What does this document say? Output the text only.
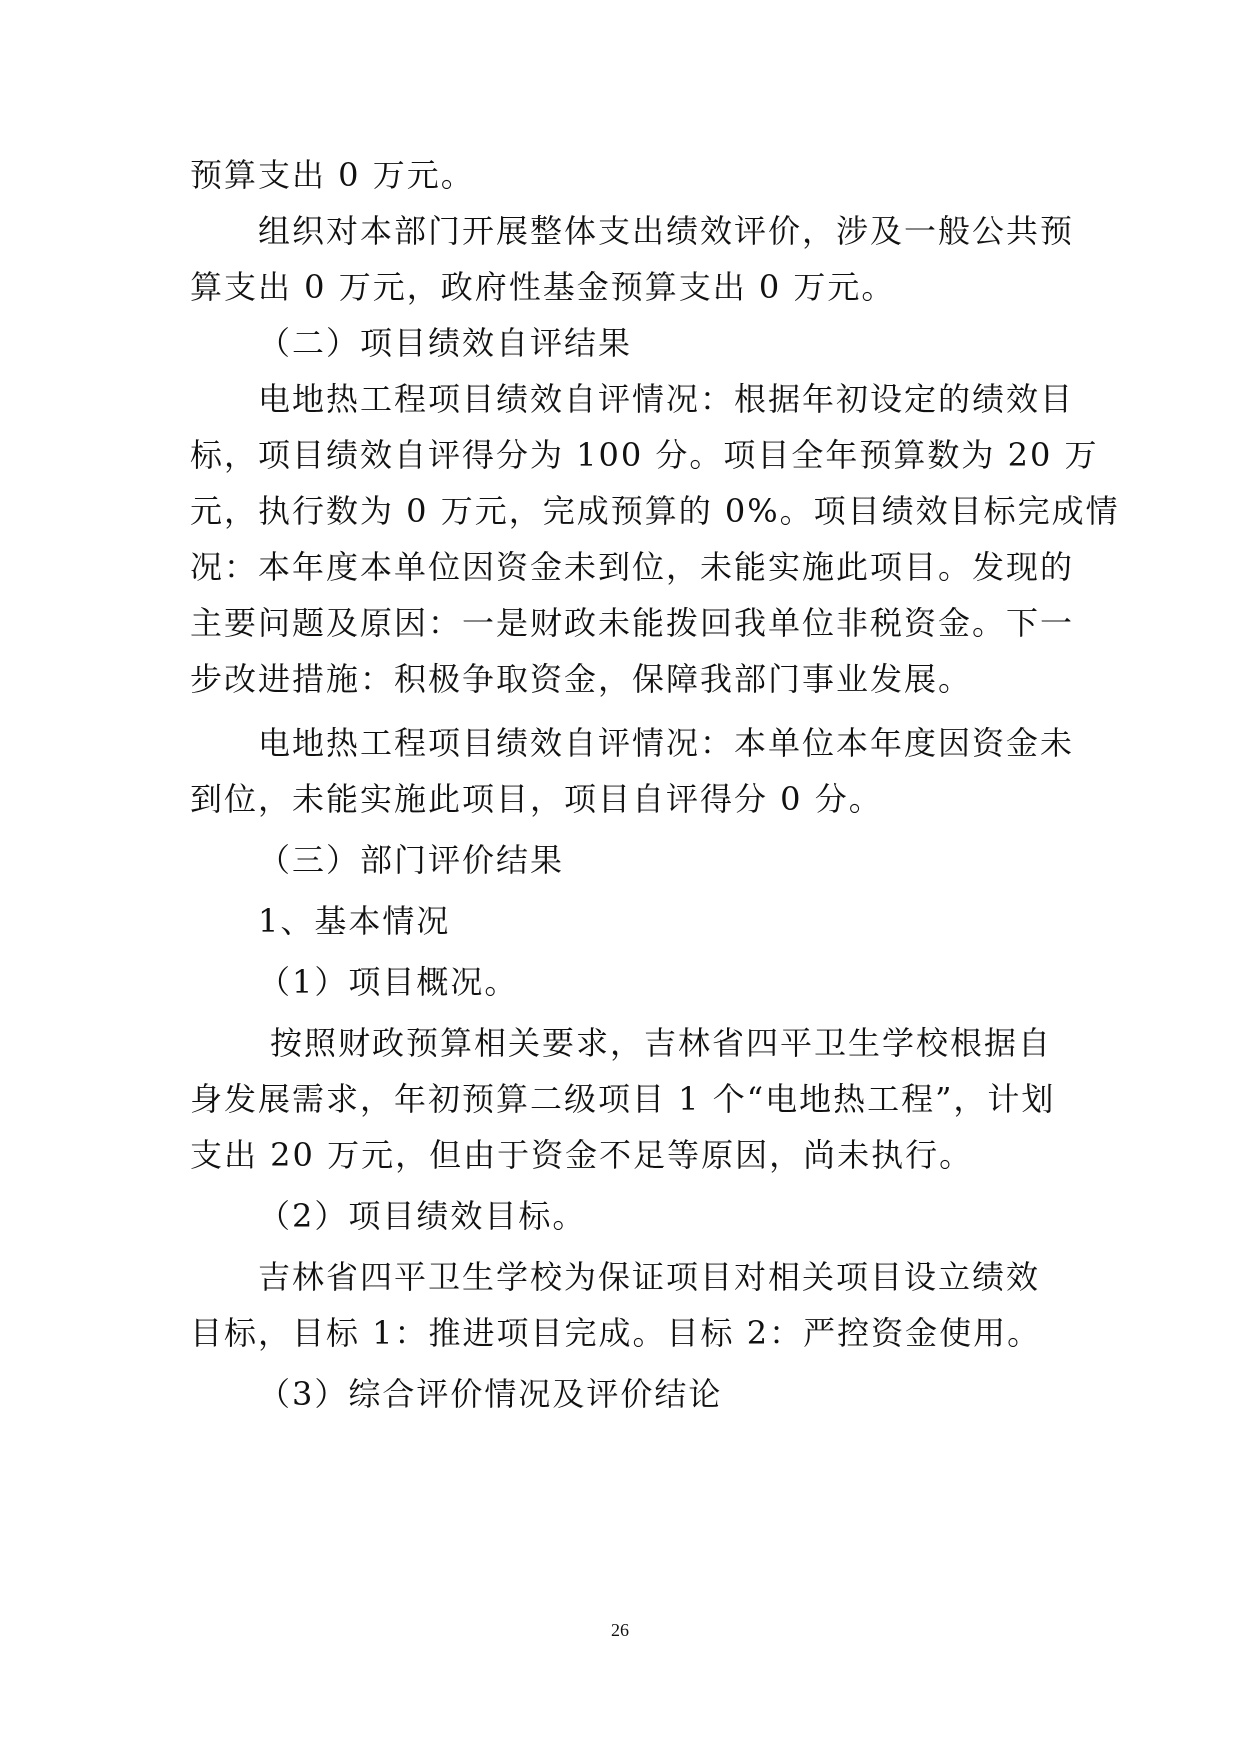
预算支出 0 万元。
组织对本部门开展整体支出绩效评价，涉及一般公共预
算支出 0 万元，政府性基金预算支出 0 万元。
（二）项目绩效自评结果
电地热工程项目绩效自评情况：根据年初设定的绩效目
标，项目绩效自评得分为 100 分。项目全年预算数为 20 万
元，执行数为 0 万元，完成预算的 0%。项目绩效目标完成情
况：本年度本单位因资金未到位，未能实施此项目。发现的
主要问题及原因：一是财政未能拨回我单位非税资金。下一
步改进措施：积极争取资金，保障我部门事业发展。
电地热工程项目绩效自评情况：本单位本年度因资金未
到位，未能实施此项目，项目自评得分 0 分。
（三）部门评价结果
1、基本情况
（1）项目概况。
按照财政预算相关要求，吉林省四平卫生学校根据自
身发展需求，年初预算二级项目 1 个“电地热工程”，计划
支出 20 万元，但由于资金不足等原因，尚未执行。
（2）项目绩效目标。
吉林省四平卫生学校为保证项目对相关项目设立绩效
目标，目标 1：推进项目完成。目标 2：严控资金使用。
（3）综合评价情况及评价结论
26
